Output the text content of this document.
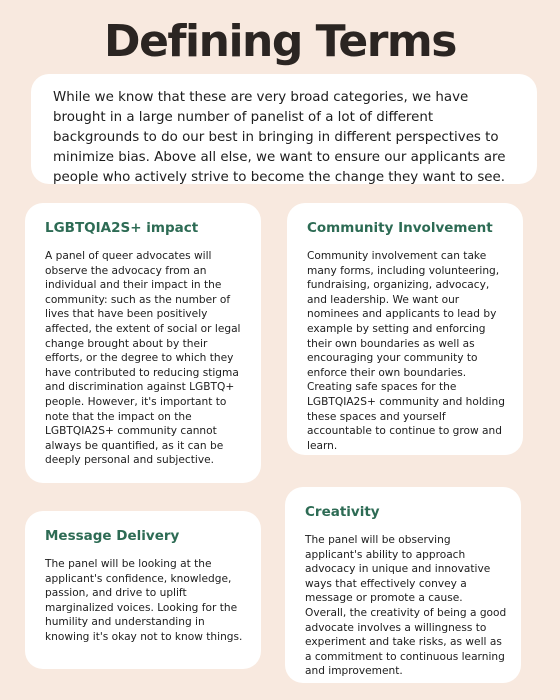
Defining Terms
While we know that these are very broad categories, we have brought in a large number of panelist of a lot of different backgrounds to do our best in bringing in different perspectives to minimize bias. Above all else, we want to ensure our applicants are people who actively strive to become the change they want to see.
LGBTQIA2S+ impact

A panel of queer advocates will observe the advocacy from an individual and their impact in the community: such as the number of lives that have been positively affected, the extent of social or legal change brought about by their efforts, or the degree to which they have contributed to reducing stigma and discrimination against LGBTQ+ people. However, it's important to note that the impact on the LGBTQIA2S+ community cannot always be quantified, as it can be deeply personal and subjective.

Community Involvement

Community involvement can take many forms, including volunteering, fundraising, organizing, advocacy, and leadership. We want our nominees and applicants to lead by example by setting and enforcing their own boundaries as well as encouraging your community to enforce their own boundaries. Creating safe spaces for the LGBTQIA2S+ community and holding these spaces and yourself accountable to continue to grow and learn.

Message Delivery

The panel will be looking at the applicant's confidence, knowledge, passion, and drive to uplift marginalized voices. Looking for the humility and understanding in knowing it's okay not to know things.

Creativity

The panel will be observing applicant's ability to approach advocacy in unique and innovative ways that effectively convey a message or promote a cause. Overall, the creativity of being a good advocate involves a willingness to experiment and take risks, as well as a commitment to continuous learning and improvement.
